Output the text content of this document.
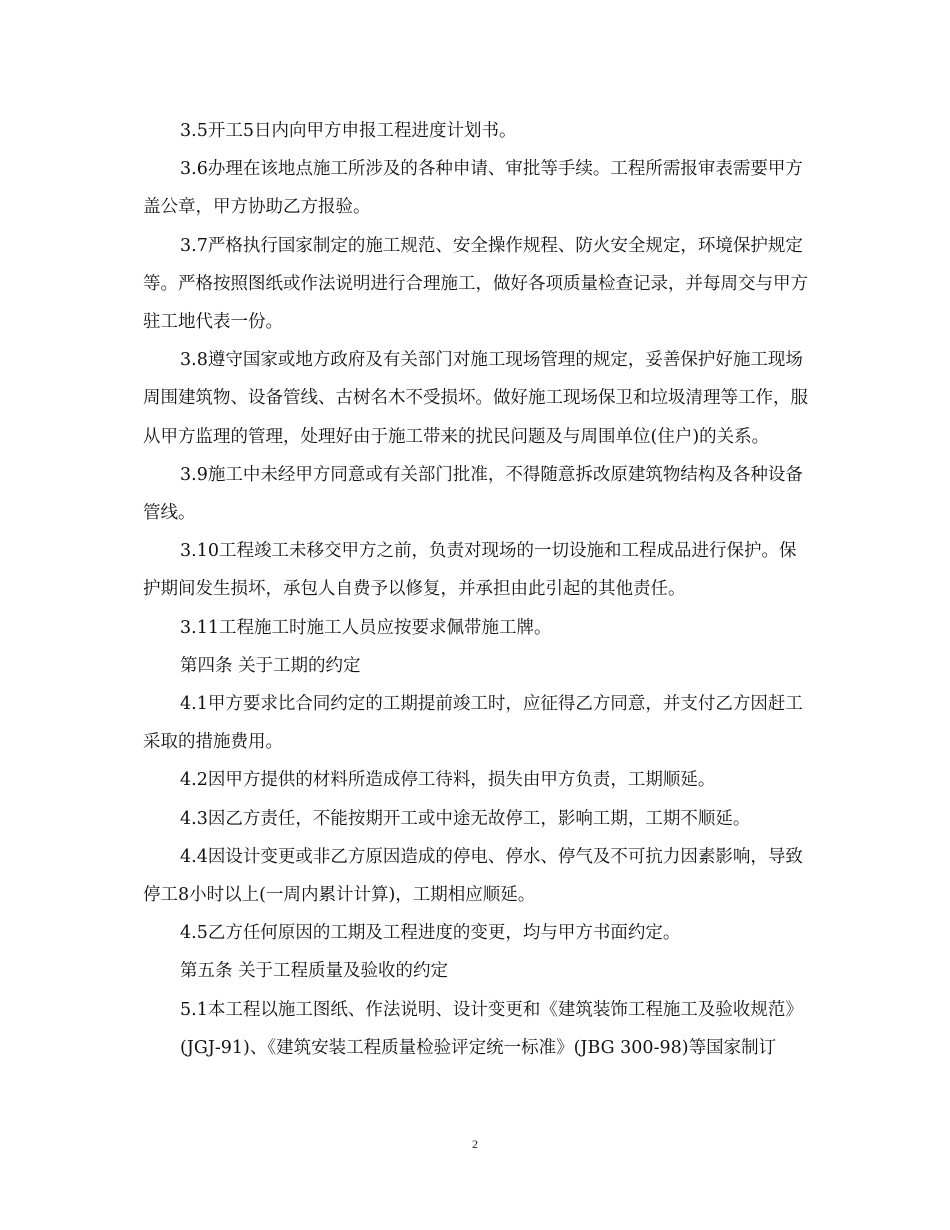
3.5开工5日内向甲方申报工程进度计划书。

3.6办理在该地点施工所涉及的各种申请、审批等手续。工程所需报审表需要甲方盖公章，甲方协助乙方报验。

3.7严格执行国家制定的施工规范、安全操作规程、防火安全规定，环境保护规定等。严格按照图纸或作法说明进行合理施工，做好各项质量检查记录，并每周交与甲方驻工地代表一份。

3.8遵守国家或地方政府及有关部门对施工现场管理的规定，妥善保护好施工现场周围建筑物、设备管线、古树名木不受损坏。做好施工现场保卫和垃圾清理等工作，服从甲方监理的管理，处理好由于施工带来的扰民问题及与周围单位(住户)的关系。

3.9施工中未经甲方同意或有关部门批准，不得随意拆改原建筑物结构及各种设备管线。

3.10工程竣工未移交甲方之前，负责对现场的一切设施和工程成品进行保护。保护期间发生损坏，承包人自费予以修复，并承担由此引起的其他责任。

3.11工程施工时施工人员应按要求佩带施工牌。

第四条 关于工期的约定

4.1甲方要求比合同约定的工期提前竣工时，应征得乙方同意，并支付乙方因赶工采取的措施费用。

4.2因甲方提供的材料所造成停工待料，损失由甲方负责，工期顺延。

4.3因乙方责任，不能按期开工或中途无故停工，影响工期，工期不顺延。

4.4因设计变更或非乙方原因造成的停电、停水、停气及不可抗力因素影响，导致停工8小时以上(一周内累计计算)，工期相应顺延。

4.5乙方任何原因的工期及工程进度的变更，均与甲方书面约定。

第五条 关于工程质量及验收的约定

5.1本工程以施工图纸、作法说明、设计变更和《建筑装饰工程施工及验收规范》

(JGJ-91)、《建筑安装工程质量检验评定统一标准》(JBG 300-98)等国家制订

2
